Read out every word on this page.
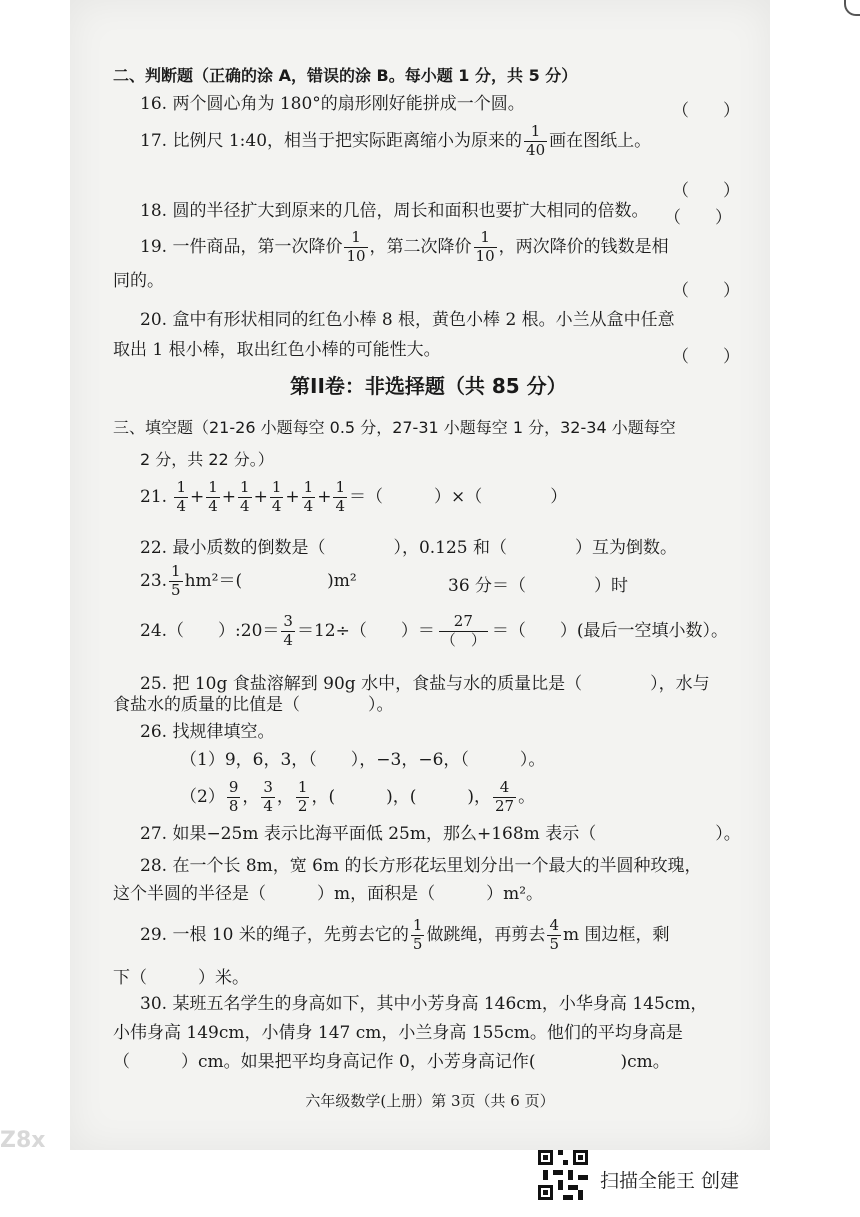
Z8x
二、判断题（正确的涂 A，错误的涂 B。每小题 1 分，共 5 分）
16. 两个圆心角为 180°的扇形刚好能拼成一个圆。	（　　）
17. 比例尺 1:40，相当于把实际距离缩小为原来的 $\frac{1}{40}$ 画在图纸上。
（　　）
18. 圆的半径扩大到原来的几倍，周长和面积也要扩大相同的倍数。 （　　）
19. 一件商品，第一次降价 $\frac{1}{10}$ ，第二次降价 $\frac{1}{10}$ ，两次降价的钱数是相
同的。	（　　）
20. 盒中有形状相同的红色小棒 8 根，黄色小棒 2 根。小兰从盒中任意
取出 1 根小棒，取出红色小棒的可能性大。	（　　）
第II卷：非选择题（共 85 分）
三、填空题（21-26 小题每空 0.5 分，27-31 小题每空 1 分，32-34 小题每空
2 分，共 22 分。）
21. $\frac{1}{4} + \frac{1}{4} + \frac{1}{4} + \frac{1}{4} + \frac{1}{4} + \frac{1}{4}$ ＝（　　　）×（　　　　）
22. 最小质数的倒数是（　　　　），0.125 和（　　　　）互为倒数。
23. $\frac{1}{5} hm^2=$(　　　　　)m²	36 分＝（　　　　）时
24.（　　）:20＝ $\frac{3}{4} =12\div$（　　）＝ $\frac{27}{( )}$ ＝（　　）(最后一空填小数）。
25. 把 10g 食盐溶解到 90g 水中，食盐与水的质量比是（　　　　），水与
食盐水的质量的比值是（　　　　）。
26. 找规律填空。
（1）9，6，3，（　　），−3，−6，（　　　）。
$(2) \frac{9}{8}$ ， $\frac{3}{4}$ ， $\frac{1}{2}$ ，(　　　)，(　　　)， $\frac{4}{27}$ 。
27. 如果−25m 表示比海平面低 25m，那么+168m 表示（　　　　　　　）。
28. 在一个长 8m，宽 6m 的长方形花坛里划分出一个最大的半圆种玫瑰，
这个半圆的半径是（　　　）m，面积是（　　　）m²。
29. 一根 10 米的绳子，先剪去它的 $\frac{1}{5}$ 做跳绳，再剪去 $\frac{4}{5}$ m 围边框，剩
下（　　　）米。
30. 某班五名学生的身高如下，其中小芳身高 146cm，小华身高 145cm，
小伟身高 149cm，小倩身 147 cm，小兰身高 155cm。他们的平均身高是
（　　　）cm。如果把平均身高记作 0，小芳身高记作(　　　　　)cm。
六年级数学(上册）第 3页（共 6 页）
扫描全能王 创建
